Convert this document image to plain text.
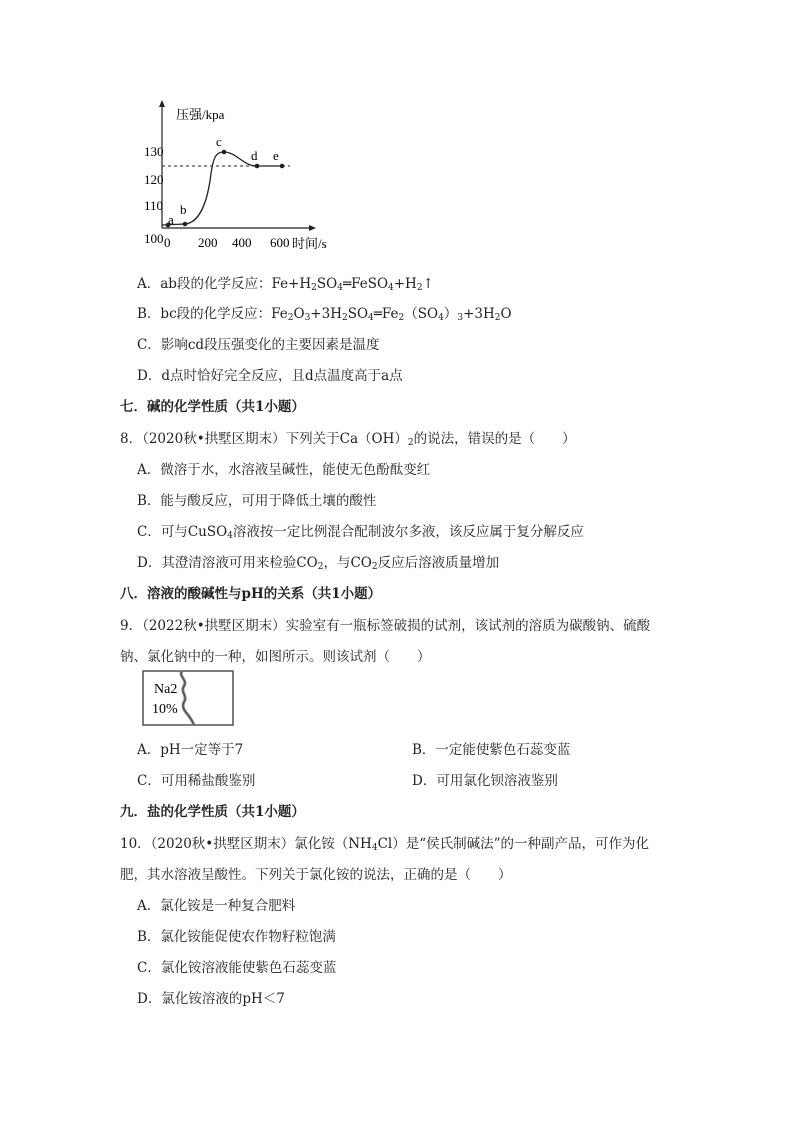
a
b
c
d e
100
110
120
130
0 200 400 600
压强/kpa
时间/s
A．ab段的化学反应：$Fe+H_2SO_4═FeSO_4+H_2↑$
B．bc段的化学反应：$Fe_2O_3+3H_2SO_4═Fe_2(SO_4)_3+3H_2O$
C．影响cd段压强变化的主要因素是温度
D．d点时恰好完全反应，且d点温度高于a点
七．碱的化学性质（共1小题）
8．（2020秋•拱墅区期末）下列关于$Ca(OH)_2$的说法，错误的是（　　）
A．微溶于水，水溶液呈碱性，能使无色酚酞变红
B．能与酸反应，可用于降低土壤的酸性
C．可与CuSO$_4$溶液按一定比例混合配制波尔多液，该反应属于复分解反应
D．其澄清溶液可用来检验$CO_2$，与$CO_2$反应后溶液质量增加
八．溶液的酸碱性与pH的关系（共1小题）
9．（2022秋•拱墅区期末）实验室有一瓶标签破损的试剂，该试剂的溶质为碳酸钠、硫酸
钠、氯化钠中的一种，如图所示。则该试剂（　　）
Na2
10%
A．pH一定等于7	B．一定能使紫色石蕊变蓝
C．可用稀盐酸鉴别	D．可用氯化钡溶液鉴别
九．盐的化学性质（共1小题）
10．（2020秋•拱墅区期末）氯化铵$(NH_4Cl)$是“侯氏制碱法”的一种副产品，可作为化
肥，其水溶液呈酸性。下列关于氯化铵的说法，正确的是（　　）
A．氯化铵是一种复合肥料
B．氯化铵能促使农作物籽粒饱满
C．氯化铵溶液能使紫色石蕊变蓝
D．氯化铵溶液的pH＜7
